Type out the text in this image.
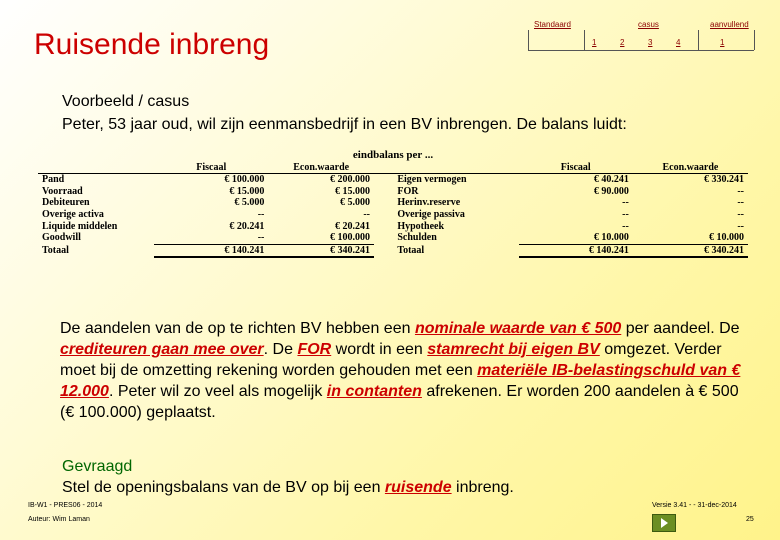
Ruisende inbreng
Standaard	casus	aanvullend
1	2	3	4	1
Voorbeeld / casus
Peter, 53 jaar oud, wil zijn eenmansbedrijf in een BV inbrengen. De balans luidt:
eindbalans per ...						
	Fiscaal	Econ.waarde			Fiscaal	Econ.waarde
Pand	€ 100.000	€ 200.000		Eigen vermogen	€ 40.241	€ 330.241
Voorraad	€ 15.000	€ 15.000		FOR	€ 90.000	--
Debiteuren	€ 5.000	€ 5.000		Herinv.reserve	--	--
Overige activa	--	--		Overige passiva	--	--
Liquide middelen	€ 20.241	€ 20.241		Hypotheek	--	--
Goodwill	--	€ 100.000		Schulden	€ 10.000	€ 10.000
Totaal	€ 140.241	€ 340.241		Totaal	€ 140.241	€ 340.241
De aandelen van de op te richten BV hebben een nominale waarde van € 500 per aandeel. De crediteuren gaan mee over. De FOR wordt in een stamrecht bij eigen BV omgezet. Verder moet bij de omzetting rekening worden gehouden met een materiële IB-belastingschuld van € 12.000. Peter wil zo veel als mogelijk in contanten afrekenen. Er worden 200 aandelen à € 500 (€ 100.000) geplaatst.
Gevraagd
Stel de openingsbalans van de BV op bij een ruisende inbreng.
IB-W1 - PRES06 - 2014
Auteur: Wim Laman
Versie 3.41 - - 31-dec-2014
25
